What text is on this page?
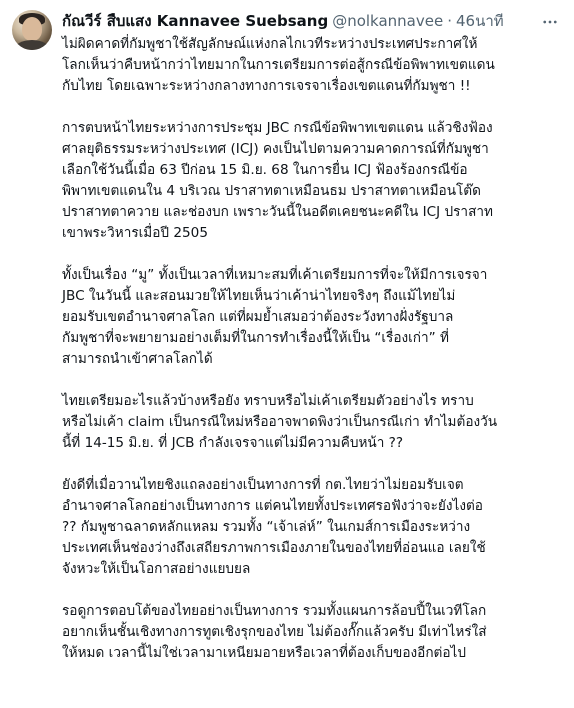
กัณวีร์ สืบแสง Kannavee Suebsang @nolkannavee · 46นาที

ไม่ผิดคาดที่กัมพูชาใช้สัญลักษณ์แห่งกลไกเวทีระหว่างประเทศประกาศให้
โลกเห็นว่าคืบหน้ากว่าไทยมากในการเตรียมการต่อสู้กรณีข้อพิพาทเขตแดน
กับไทย โดยเฉพาะระหว่างกลางทางการเจรจาเรื่องเขตแดนที่กัมพูชา !!

การตบหน้าไทยระหว่างการประชุม JBC กรณีข้อพิพาทเขตแดน แล้วชิงฟ้อง
ศาลยุติธรรมระหว่างประเทศ (ICJ) คงเป็นไปตามความคาดการณ์ที่กัมพูชา
เลือกใช้วันนี้เมื่อ 63 ปีก่อน 15 มิ.ย. 68 ในการยื่น ICJ ฟ้องร้องกรณีข้อ
พิพาทเขตแดนใน 4 บริเวณ ปราสาทตาเหมือนธม ปราสาทตาเหมือนโต๊ด
ปราสาทตาควาย และช่องบก เพราะวันนี้ในอดีตเคยชนะคดีใน ICJ ปราสาท
เขาพระวิหารเมื่อปี 2505

ทั้งเป็นเรื่อง “มู” ทั้งเป็นเวลาที่เหมาะสมที่เค้าเตรียมการที่จะให้มีการเจรจา
JBC ในวันนี้ และสอนมวยให้ไทยเห็นว่าเค้าน่าไทยจริงๆ ถึงแม้ไทยไม่
ยอมรับเขตอำนาจศาลโลก แต่ที่ผมย้ำเสมอว่าต้องระวังทางฝั่งรัฐบาล
กัมพูชาที่จะพยายามอย่างเต็มที่ในการทำเรื่องนี้ให้เป็น “เรื่องเก่า” ที่
สามารถนำเข้าศาลโลกได้

ไทยเตรียมอะไรแล้วบ้างหรือยัง ทราบหรือไม่เค้าเตรียมตัวอย่างไร ทราบ
หรือไม่เค้า claim เป็นกรณีใหม่หรืออาจพาดพิงว่าเป็นกรณีเก่า ทำไมต้องวัน
นี้ที่ 14-15 มิ.ย. ที่ JCB กำลังเจรจาแต่ไม่มีความคืบหน้า ??

ยังดีที่เมื่อวานไทยชิงแถลงอย่างเป็นทางการที่ กต.ไทยว่าไม่ยอมรับเจต
อำนาจศาลโลกอย่างเป็นทางการ แต่คนไทยทั้งประเทศรอฟังว่าจะยังไงต่อ
?? กัมพูชาฉลาดหลักแหลม รวมทั้ง “เจ้าเล่ห์” ในเกมส์การเมืองระหว่าง
ประเทศเห็นช่องว่างถึงเสถียรภาพการเมืองภายในของไทยที่อ่อนแอ เลยใช้
จังหวะให้เป็นโอกาสอย่างแยบยล

รอดูการตอบโต้ของไทยอย่างเป็นทางการ รวมทั้งแผนการล้อบปี้ในเวทีโลก
อยากเห็นชั้นเชิงทางการทูตเชิงรุกของไทย ไม่ต้องกั๊กแล้วครับ มีเท่าไหร่ใส่
ให้หมด เวลานี้ไม่ใช่เวลามาเหนียมอายหรือเวลาที่ต้องเก็บของอีกต่อไป
